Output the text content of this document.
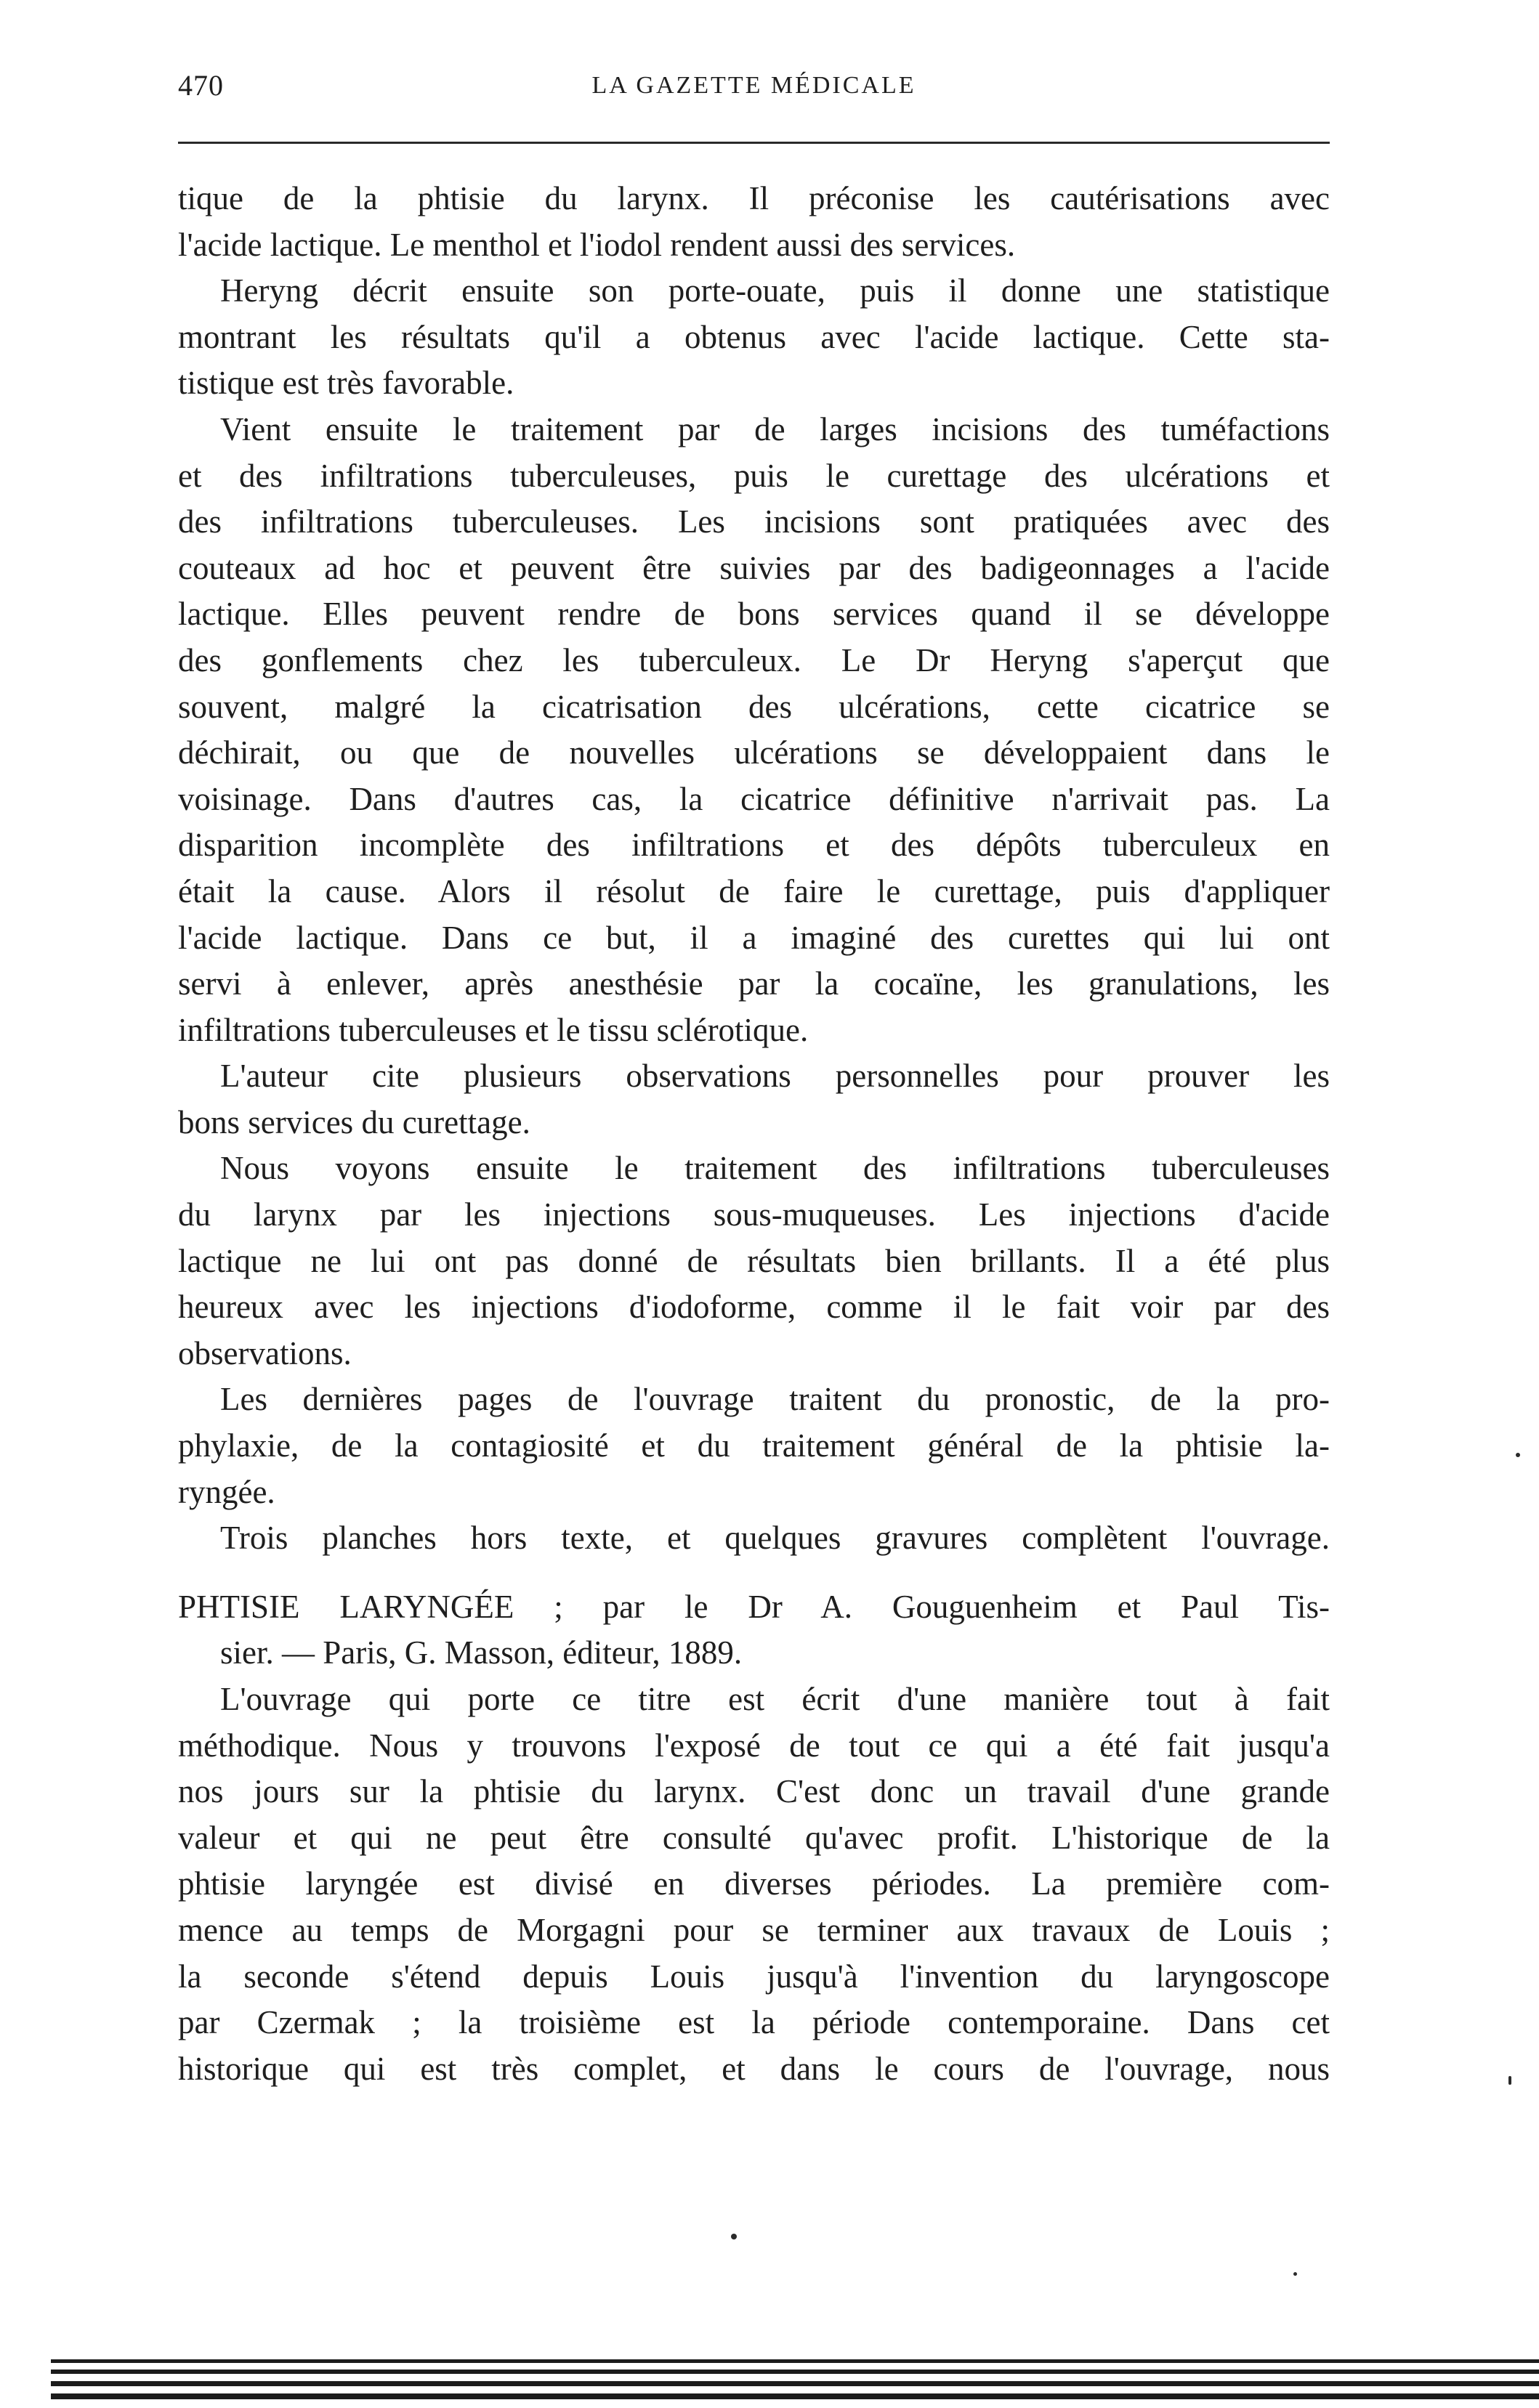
470	LA GAZETTE MÉDICALE
tique de la phtisie du larynx. Il préconise les cautérisations avec
l'acide lactique. Le menthol et l'iodol rendent aussi des services.
Heryng décrit ensuite son porte-ouate, puis il donne une statistique
montrant les résultats qu'il a obtenus avec l'acide lactique. Cette sta-
tistique est très favorable.
Vient ensuite le traitement par de larges incisions des tuméfactions
et des infiltrations tuberculeuses, puis le curettage des ulcérations et
des infiltrations tuberculeuses. Les incisions sont pratiquées avec des
couteaux ad hoc et peuvent être suivies par des badigeonnages a l'acide
lactique. Elles peuvent rendre de bons services quand il se développe
des gonflements chez les tuberculeux. Le Dr Heryng s'aperçut que
souvent, malgré la cicatrisation des ulcérations, cette cicatrice se
déchirait, ou que de nouvelles ulcérations se développaient dans le
voisinage. Dans d'autres cas, la cicatrice définitive n'arrivait pas. La
disparition incomplète des infiltrations et des dépôts tuberculeux en
était la cause. Alors il résolut de faire le curettage, puis d'appliquer
l'acide lactique. Dans ce but, il a imaginé des curettes qui lui ont
servi à enlever, après anesthésie par la cocaïne, les granulations, les
infiltrations tuberculeuses et le tissu sclérotique.
L'auteur cite plusieurs observations personnelles pour prouver les
bons services du curettage.
Nous voyons ensuite le traitement des infiltrations tuberculeuses
du larynx par les injections sous-muqueuses. Les injections d'acide
lactique ne lui ont pas donné de résultats bien brillants. Il a été plus
heureux avec les injections d'iodoforme, comme il le fait voir par des
observations.
Les dernières pages de l'ouvrage traitent du pronostic, de la pro-
phylaxie, de la contagiosité et du traitement général de la phtisie la-
ryngée.
Trois planches hors texte, et quelques gravures complètent l'ouvrage.
PHTISIE LARYNGÉE ; par le Dr A. Gouguenheim et Paul Tis-
sier. — Paris, G. Masson, éditeur, 1889.
L'ouvrage qui porte ce titre est écrit d'une manière tout à fait
méthodique. Nous y trouvons l'exposé de tout ce qui a été fait jusqu'a
nos jours sur la phtisie du larynx. C'est donc un travail d'une grande
valeur et qui ne peut être consulté qu'avec profit. L'historique de la
phtisie laryngée est divisé en diverses périodes. La première com-
mence au temps de Morgagni pour se terminer aux travaux de Louis ;
la seconde s'étend depuis Louis jusqu'à l'invention du laryngoscope
par Czermak ; la troisième est la période contemporaine. Dans cet
historique qui est très complet, et dans le cours de l'ouvrage, nous
